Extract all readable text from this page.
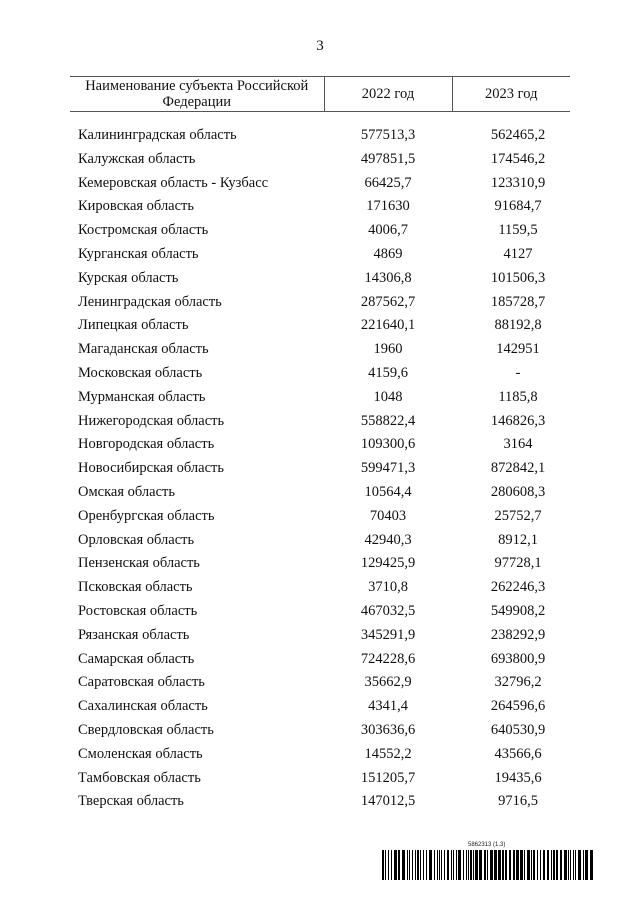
3
Наименование субъекта Российской Федерации	2022 год	2023 год

Калининградская область	577513,3	562465,2
Калужская область	497851,5	174546,2
Кемеровская область - Кузбасс	66425,7	123310,9
Кировская область	171630	91684,7
Костромская область	4006,7	1159,5
Курганская область	4869	4127
Курская область	14306,8	101506,3
Ленинградская область	287562,7	185728,7
Липецкая область	221640,1	88192,8
Магаданская область	1960	142951
Московская область	4159,6	-
Мурманская область	1048	1185,8
Нижегородская область	558822,4	146826,3
Новгородская область	109300,6	3164
Новосибирская область	599471,3	872842,1
Омская область	10564,4	280608,3
Оренбургская область	70403	25752,7
Орловская область	42940,3	8912,1
Пензенская область	129425,9	97728,1
Псковская область	3710,8	262246,3
Ростовская область	467032,5	549908,2
Рязанская область	345291,9	238292,9
Самарская область	724228,6	693800,9
Саратовская область	35662,9	32796,2
Сахалинская область	4341,4	264596,6
Свердловская область	303636,6	640530,9
Смоленская область	14552,2	43566,6
Тамбовская область	151205,7	19435,6
Тверская область	147012,5	9716,5
5862313 (1.3)
